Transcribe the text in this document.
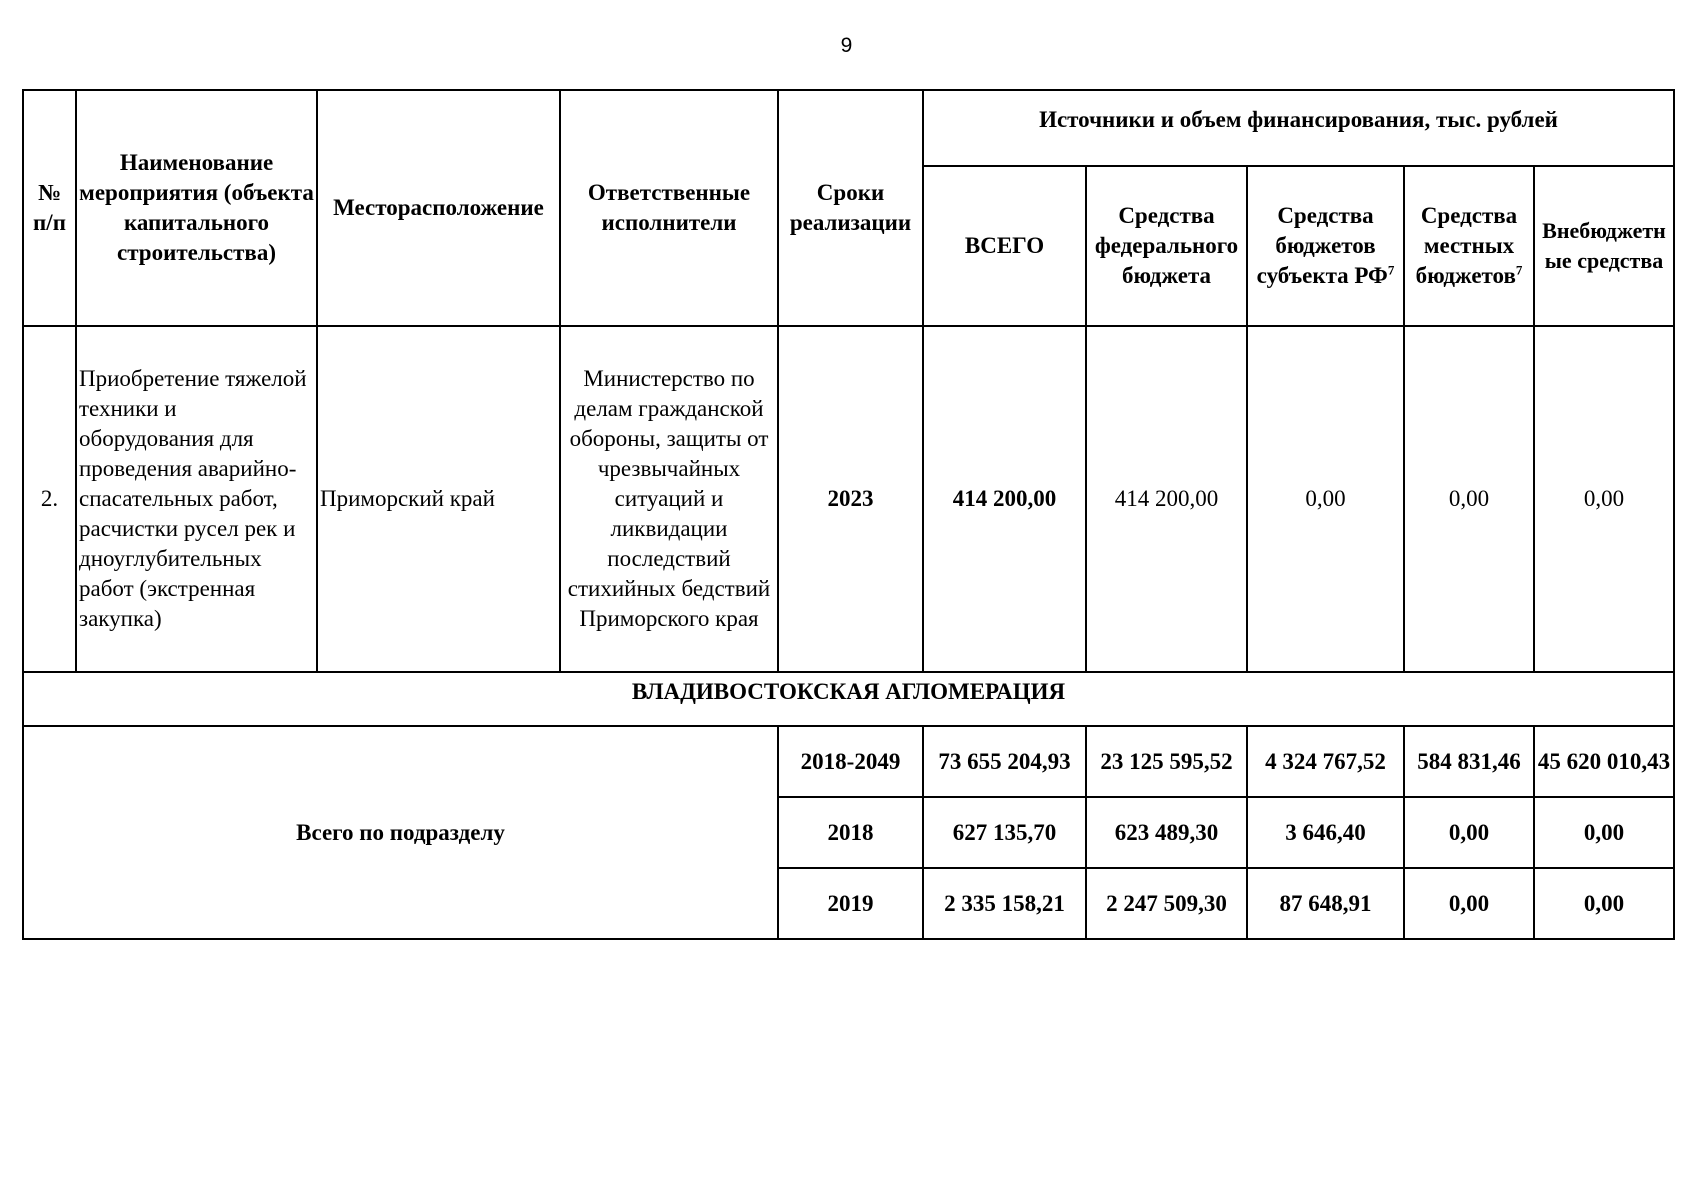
9
№ п/п	Наименование мероприятия (объекта капитального строительства)	Месторасположение	Ответственные исполнители	Сроки реализации	Источники и объем финансирования, тыс. рублей				
					ВСЕГО	Средства федерального бюджета	Средства бюджетов субъекта $РФ^7$	Средства местных бюджетов$^7$	Внебюджетные средства
2.	Приобретение тяжелой техники и оборудования для проведения аварийно-спасательных работ, расчистки русел рек и дноуглубительных работ (экстренная закупка)	Приморский край	Министерство по делам гражданской обороны, защиты от чрезвычайных ситуаций и ликвидации последствий стихийных бедствий Приморского края	2023	414 200,00	414 200,00	0,00	0,00	0,00
ВЛАДИВОСТОКСКАЯ АГЛОМЕРАЦИЯ									
Всего по подразделу				2018-2049	73 655 204,93	23 125 595,52	4 324 767,52	584 831,46	45 620 010,43
				2018	627 135,70	623 489,30	3 646,40	0,00	0,00
				2019	2 335 158,21	2 247 509,30	87 648,91	0,00	0,00
